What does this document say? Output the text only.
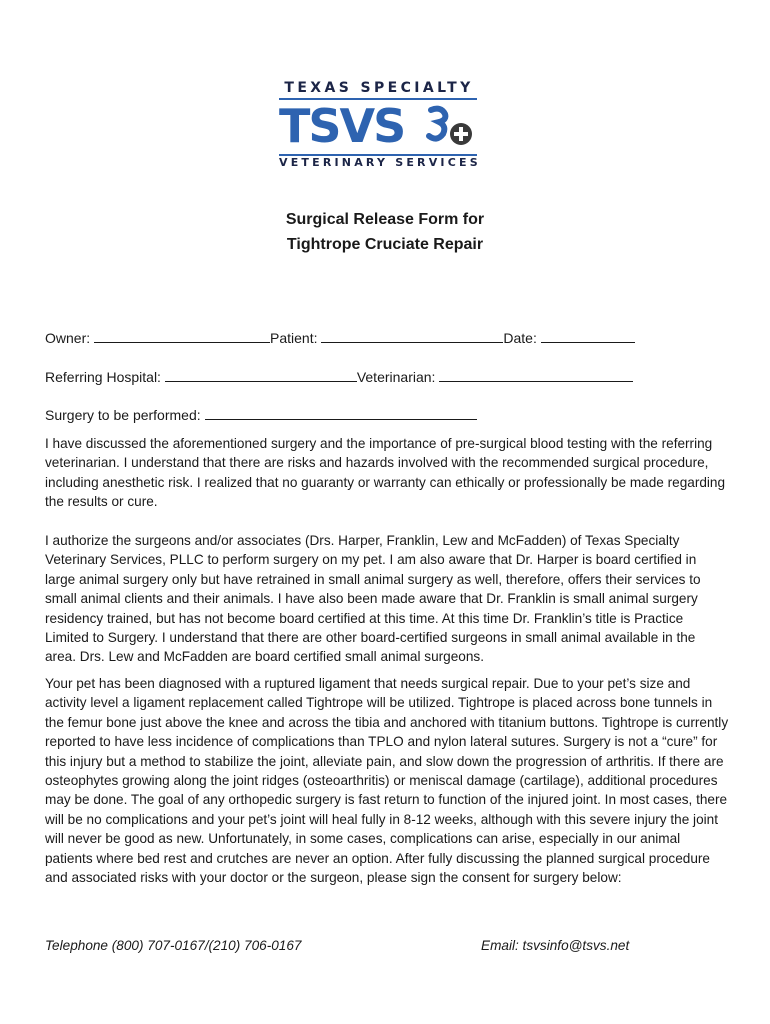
TEXAS SPECIALTY
TSVS
VETERINARY SERVICES
Surgical Release Form for
Tightrope Cruciate Repair
Owner:	Patient:	Date:
Referring Hospital:	Veterinarian:
Surgery to be performed:

I have discussed the aforementioned surgery and the importance of pre-surgical blood testing with the referring veterinarian. I understand that there are risks and hazards involved with the recommended surgical procedure, including anesthetic risk. I realized that no guaranty or warranty can ethically or professionally be made regarding the results or cure.

I authorize the surgeons and/or associates (Drs. Harper, Franklin, Lew and McFadden) of Texas Specialty Veterinary Services, PLLC to perform surgery on my pet. I am also aware that Dr. Harper is board certified in large animal surgery only but have retrained in small animal surgery as well, therefore, offers their services to small animal clients and their animals. I have also been made aware that Dr. Franklin is small animal surgery residency trained, but has not become board certified at this time. At this time Dr. Franklin’s title is Practice Limited to Surgery. I understand that there are other board-certified surgeons in small animal available in the area. Drs. Lew and McFadden are board certified small animal surgeons.

Your pet has been diagnosed with a ruptured ligament that needs surgical repair. Due to your pet’s size and activity level a ligament replacement called Tightrope will be utilized. Tightrope is placed across bone tunnels in the femur bone just above the knee and across the tibia and anchored with titanium buttons. Tightrope is currently reported to have less incidence of complications than TPLO and nylon lateral sutures. Surgery is not a “cure” for this injury but a method to stabilize the joint, alleviate pain, and slow down the progression of arthritis. If there are osteophytes growing along the joint ridges (osteoarthritis) or meniscal damage (cartilage), additional procedures may be done. The goal of any orthopedic surgery is fast return to function of the injured joint. In most cases, there will be no complications and your pet’s joint will heal fully in 8-12 weeks, although with this severe injury the joint will never be good as new. Unfortunately, in some cases, complications can arise, especially in our animal patients where bed rest and crutches are never an option. After fully discussing the planned surgical procedure and associated risks with your doctor or the surgeon, please sign the consent for surgery below:

Telephone (800) 707-0167/(210) 706-0167	Email: tsvsinfo@tsvs.net
